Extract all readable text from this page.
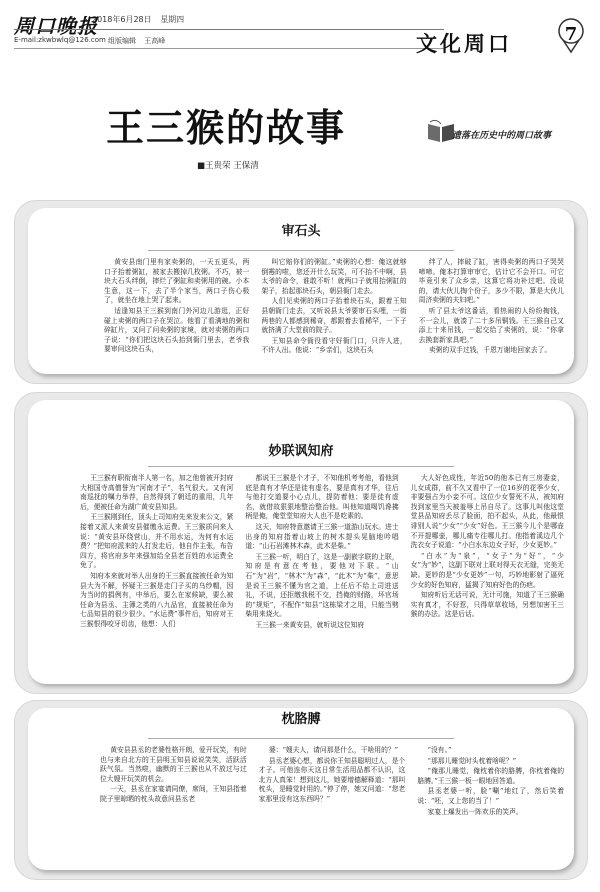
周口晚报
2018年6月28日 星期四
E-mail:zkwbwlq@126.com 组版编辑 王高峰	文化周口	7
王三猴的故事	遗落在历史中的周口故事
■王贵荣 王保清
审石头

黄安县南门里有家卖粥的，一天五更头，两口子抬着粥缸，被家去搬掉几枚粥。不巧，被一块大石头绊倒，摔烂了粥缸和卖粥用的碗。小本生意，这一下，去了半个家当，两口子伤心极了，就坐在地上哭了起来。

适逢知县王三猴到南门外河边儿游逛，正好碰上卖粥的两口子在哭泣。他看了看满地的粥和碎缸片，又问了问卖粥的家境，就对卖粥的两口子说：“你们把这块石头抬到衙门里去，老爷我要审问这块石头，

叫它赔你们的粥缸。”卖粥的心想：俺这就够倒霉的啦，您还开什么玩笑，可不抬不中啊，县太爷的命令，谁敢不听！就两口子就用抬粥缸的架子，抬起那块石头，朝县衙门走去。

人们见卖粥的两口子抬着块石头，跟着王知县朝衙门走去，又听说县太爷要审石头哩，一街两巷的人都感到稀奇，都跟着去看稀罕，一下子就挤满了大堂前的院子。

王知县命令衙役看守好衙门口，只许人进，不许人出。他说：“乡亲们，这块石头

绊了人，摔破了缸，害得卖粥的两口子哭哭啼啼。俺本打算审审它，估计它不会开口。可它毕竟引来了众乡亲，这算它将功补过吧。没说的，请大伙儿掏个份子，多少不限，算是大伙儿周济卖粥的夫妇吧。”

听了县太爷这番话，看热闹的人纷纷掏钱，不一会儿，就凑了二十多吊铜钱。王三猴自己又添上十来吊钱，一起交给了卖粥的，说：“你拿去换套新家具吧。”

卖粥的双手过钱，千恩万谢地回家去了。

妙联讽知府

王三猴有职衔南半人第一名，加之他曾被开封府大相国寺高僧誉为“河南才子”，名气很大。又有河南巡抚的嘱力举荐，自然得到了朝廷的重用，几年后，便被任命为湖广黄安县知县。

王三猴刚到任，顶头上司知府先来发来公文，紧接着又派人来黄安县催缴永运费。王三猴质问来人说：“黄安县环绕营山，并不用水运，为何有水运费？”把知府派来的人打发走后，他自作主张，布告四方，将官府多年来强加给全县老百姓的水运费全免了。

知府本来就对举人出身的王三猴直接被任命为知县大为不解，怀疑王三猴是走门子买的乌纱帽，因为当时的捐例有，中举后，要么在家候缺，要么被任命为县丞、主簿之类的八九品官，直接被任命为七品知县的很少很少。“水运费”事件后，知府对王三猴恨得咬牙切齿，他想：人们

都说王三猴是个才子，不知他机考考他，看他到底是真有才华还是徒有虚名，要是真有才华，往后与他打交道要小心点儿，提防着他；要是徒有虚名，就借故狠狠地整治整治他。叫他知道喝饥谗拂柄是俺，俺堂堂知府大人也不是吃素的。

这天，知府特意邀请王三猴一道游山玩水。进士出身的知府指着山坡上的树木提头晃脑地吟唱道：“山石岩滩林木森，此木是柴。”

王三猴一听，明白了，这是一副嵌字联的上联，知府是有意在考他，要他对下联。“山石”为“岩”，“林木”为“森”，“此木”为“柴”，意思是说王三猴不懂为官之道，上任后不给上司进送礼，不说，还拒缴我税不交，挡俺的财路，坏官场的“规矩”，不配作“知县”这栋梁才之用，只能当劈柴用来烧火。

王三猴一来黄安县，就听说这位知府

大人好色成性，年近50的他本已有三房妻妾，儿女成群，前不久又看中了一位16岁的花季少女，非要强占为小妾不可。这位少女誓死不从，被知府找到家里当天被羞辱上吊自尽了。这事儿叫他这堂堂县品知府丢尽了脸面，拍不起头，从此，他最恨诽别人说“少女”“少女”好色。王三猴今儿个是哪壶不开提哪壶，哪儿痛专往哪儿打。他指着溪边几个洗衣女子说道：“小白水东边女子好，少女更妙。”

“白水”为“泉”，“女子”为“好”，“少女”为“妙”，这副下联对上联对得天衣无缝，完美无缺。更妙的是“少女更妙”一句，巧妙地影射了逼死少女的好色知府，猛揭了知府好色的伤疤。

知府听后无话可说，无计可施，知道了王三猴确实有真才，不好惹，只得草草收场，另想加害王三猴的办法。这是后话。

枕胳膊

黄安县县丞的老婆性格开朗，爱开玩笑，有时也与来自北方的王县明玉知县说说笑笑，活跃活跃气氛。当然啦，幽默的王三猴也从不放过与过位大嫂开玩笑的机会。

一天，县丞在家宴请同僚，席间，王知县指着院子里晾晒的枕头故意问县丞老

婆：“嫂夫人，请问那是什么，干啥用的？”

县丞老婆心想，都说你王知县聪明过人，是个才子。可他连你天这日常生活用品都不认识，这北方人真笨！想到这儿，她要增德解释道：“那叫枕头，是睡觉时用的。”停了停，她又问道：“您老家那里没有这东西吗？”

“没有。”

“那那儿睡觉时头枕着啥呢？”

“俺那儿睡觉，俺枕着你的胳膊，你枕着俺的胳膊。”王三猴一板一眼地回答道。

县丞老婆一听，脸“唰”地红了，然后笑着说：“呸，又上您的当了！”

家宴上爆发出一阵欢乐的笑声。
